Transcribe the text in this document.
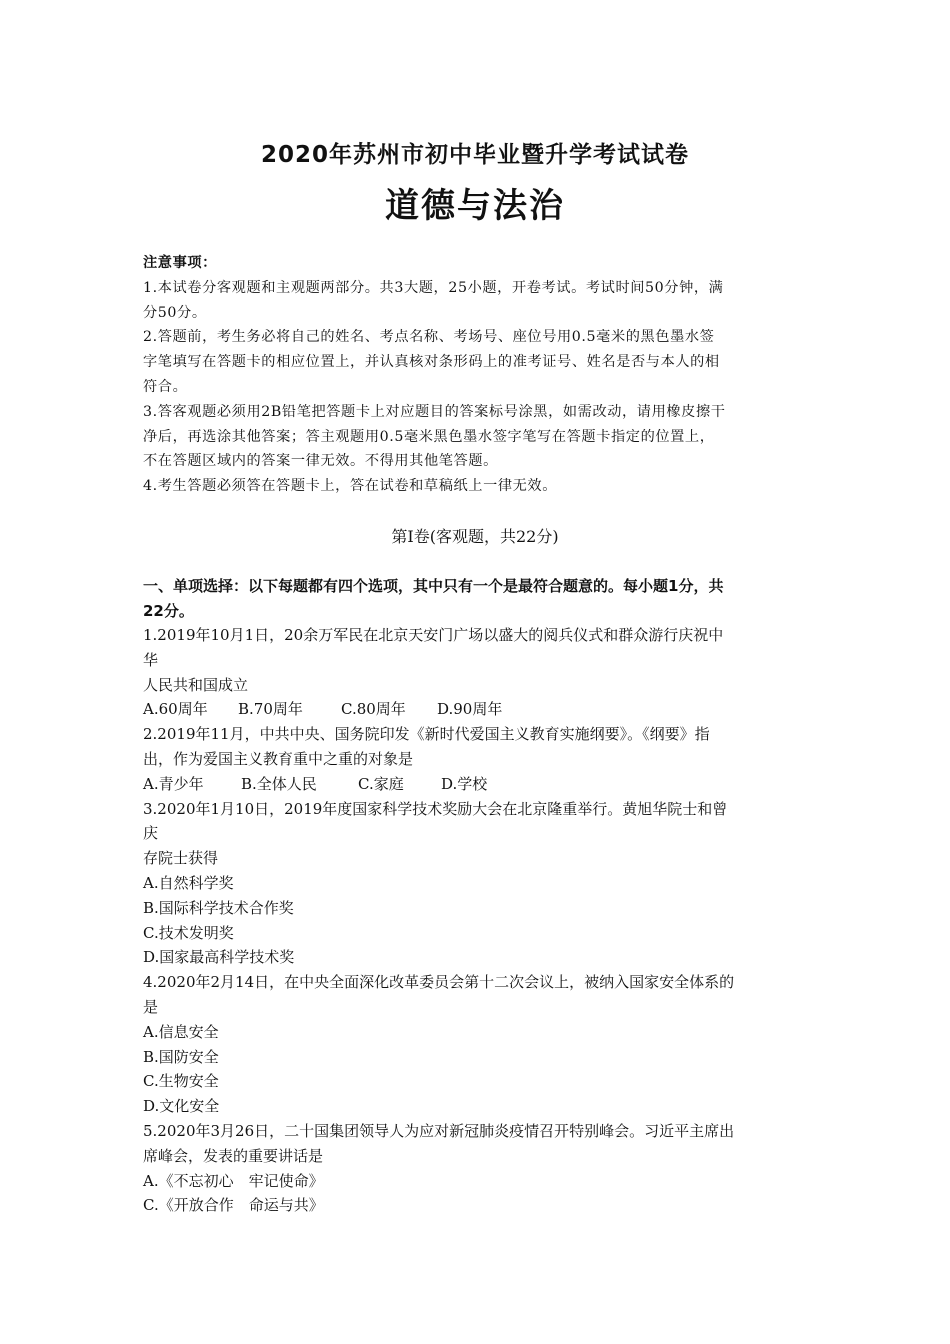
2020年苏州市初中毕业暨升学考试试卷
道德与法治
注意事项：
1.本试卷分客观题和主观题两部分。共3大题，25小题，开卷考试。考试时间50分钟，满
分50分。
2.答题前，考生务必将自己的姓名、考点名称、考场号、座位号用0.5毫米的黑色墨水签
字笔填写在答题卡的相应位置上，并认真核对条形码上的准考证号、姓名是否与本人的相
符合。
3.答客观题必须用2B铅笔把答题卡上对应题目的答案标号涂黑，如需改动，请用橡皮擦干
净后，再选涂其他答案；答主观题用0.5毫米黑色墨水签字笔写在答题卡指定的位置上，
不在答题区域内的答案一律无效。不得用其他笔答题。
4.考生答题必须答在答题卡上，答在试卷和草稿纸上一律无效。
第Ⅰ卷(客观题，共22分)
一、单项选择：以下每题都有四个选项，其中只有一个是最符合题意的。每小题1分，共
22分。
1.2019年10月1日，20余万军民在北京天安门广场以盛大的阅兵仪式和群众游行庆祝中
华
人民共和国成立
A.60周年 B.70周年	C.80周年 D.90周年
2.2019年11月，中共中央、国务院印发《新时代爱国主义教育实施纲要》。《纲要》指
出，作为爱国主义教育重中之重的对象是
A.青少年 B.全体人民	C.家庭 D.学校
3.2020年1月10日，2019年度国家科学技术奖励大会在北京隆重举行。黄旭华院士和曾
庆
存院士获得
A.自然科学奖
B.国际科学技术合作奖
C.技术发明奖
D.国家最高科学技术奖
4.2020年2月14日，在中央全面深化改革委员会第十二次会议上，被纳入国家安全体系的
是
A.信息安全
B.国防安全
C.生物安全
D.文化安全
5.2020年3月26日，二十国集团领导人为应对新冠肺炎疫情召开特别峰会。习近平主席出
席峰会，发表的重要讲话是
A.《不忘初心　牢记使命》
C.《开放合作　命运与共》
